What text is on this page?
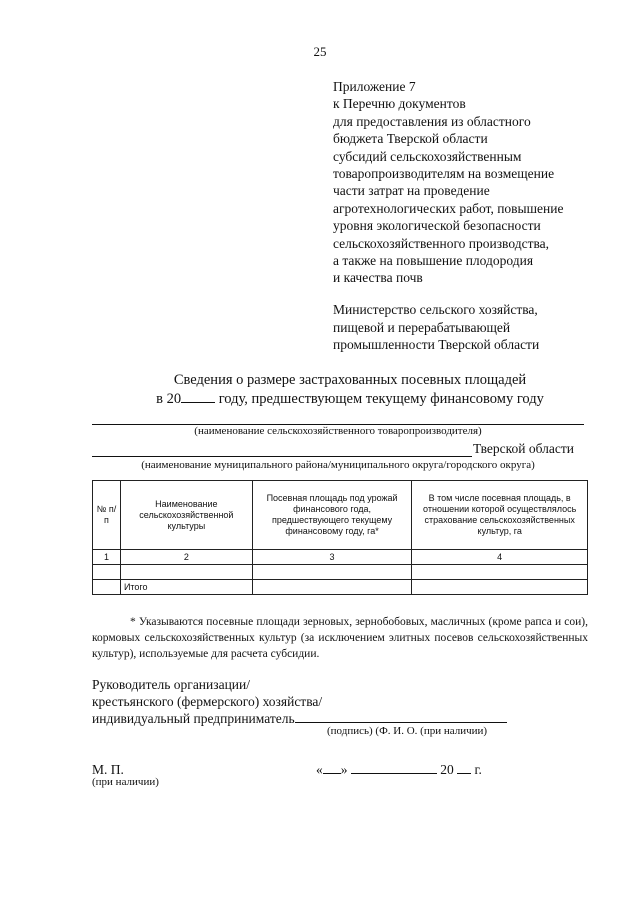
25
Приложение 7
к Перечню документов
для предоставления из областного
бюджета Тверской области
субсидий сельскохозяйственным
товаропроизводителям на возмещение
части затрат на проведение
агротехнологических работ, повышение
уровня экологической безопасности
сельскохозяйственного производства,
а также на повышение плодородия
и качества почв
Министерство сельского хозяйства,
пищевой и перерабатывающей
промышленности Тверской области
Сведения о размере застрахованных посевных площадей
в 20 году, предшествующем текущему финансовому году
(наименование сельскохозяйственного товаропроизводителя)
Тверской области
(наименование муниципального района/муниципального округа/городского округа)
№ п/п	Наименование сельскохозяйственной культуры	Посевная площадь под урожай финансового года, предшествующего текущему финансовому году, га*	В том числе посевная площадь, в отношении которой осуществлялось страхование сельскохозяйственных культур, га
1	2	3	4

	Итого		
* Указываются посевные площади зерновых, зернобобовых, масличных (кроме рапса и сои), кормовых сельскохозяйственных культур (за исключением элитных посевов сельскохозяйственных культур), используемые для расчета субсидии.
Руководитель организации/
крестьянского (фермерского) хозяйства/
индивидуальный предприниматель
(подпись) (Ф. И. О. (при наличии)
М. П.
(при наличии)
« »	20 г.
